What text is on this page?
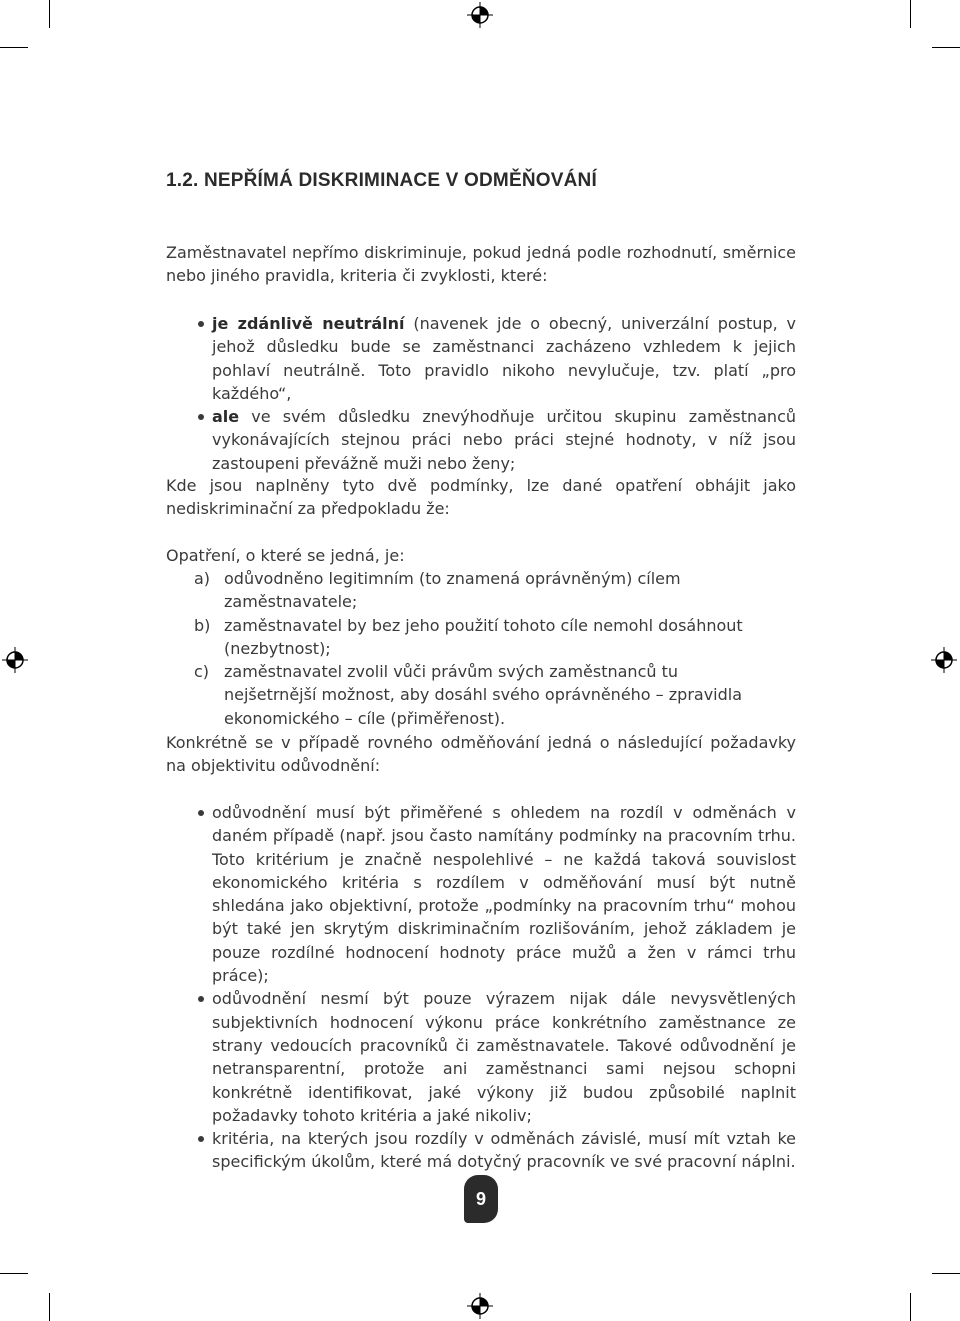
1.2. NEPŘÍMÁ DISKRIMINACE V ODMĚŇOVÁNÍ

Zaměstnavatel nepřímo diskriminuje, pokud jedná podle rozhodnutí, směrnice nebo jiného pravidla, kriteria či zvyklosti, které:

je zdánlivě neutrální (navenek jde o obecný, univerzální postup, v jehož důsledku bude se zaměstnanci zacházeno vzhledem k jejich pohlaví neutrálně. Toto pravidlo nikoho nevylučuje, tzv. platí „pro každého“,
ale ve svém důsledku znevýhodňuje určitou skupinu zaměstnanců vykonávajících stejnou práci nebo práci stejné hodnoty, v níž jsou zastoupeni převážně muži nebo ženy;

Kde jsou naplněny tyto dvě podmínky, lze dané opatření obhájit jako nediskriminační za předpokladu že:

Opatření, o které se jedná, je:

a) odůvodněno legitimním (to znamená oprávněným) cílem zaměstnavatele;
b) zaměstnavatel by bez jeho použití tohoto cíle nemohl dosáhnout (nezbytnost);
c) zaměstnavatel zvolil vůči právům svých zaměstnanců tu nejšetrnější možnost, aby dosáhl svého oprávněného – zpravidla ekonomického – cíle (přiměřenost).

Konkrétně se v případě rovného odměňování jedná o následující požadavky na objektivitu odůvodnění:

odůvodnění musí být přiměřené s ohledem na rozdíl v odměnách v daném případě (např. jsou často namítány podmínky na pracovním trhu. Toto kritérium je značně nespolehlivé – ne každá taková souvislost ekonomického kritéria s rozdílem v odměňování musí být nutně shledána jako objektivní, protože „podmínky na pracovním trhu“ mohou být také jen skrytým diskriminačním rozlišováním, jehož základem je pouze rozdílné hodnocení hodnoty práce mužů a žen v rámci trhu práce);
odůvodnění nesmí být pouze výrazem nijak dále nevysvětlených subjektivních hodnocení výkonu práce konkrétního zaměstnance ze strany vedoucích pracovníků či zaměstnavatele. Takové odůvodnění je netransparentní, protože ani zaměstnanci sami nejsou schopni konkrétně identifikovat, jaké výkony již budou způsobilé naplnit požadavky tohoto kritéria a jaké nikoliv;
kritéria, na kterých jsou rozdíly v odměnách závislé, musí mít vztah ke specifickým úkolům, které má dotyčný pracovník ve své pracovní náplni.
9
